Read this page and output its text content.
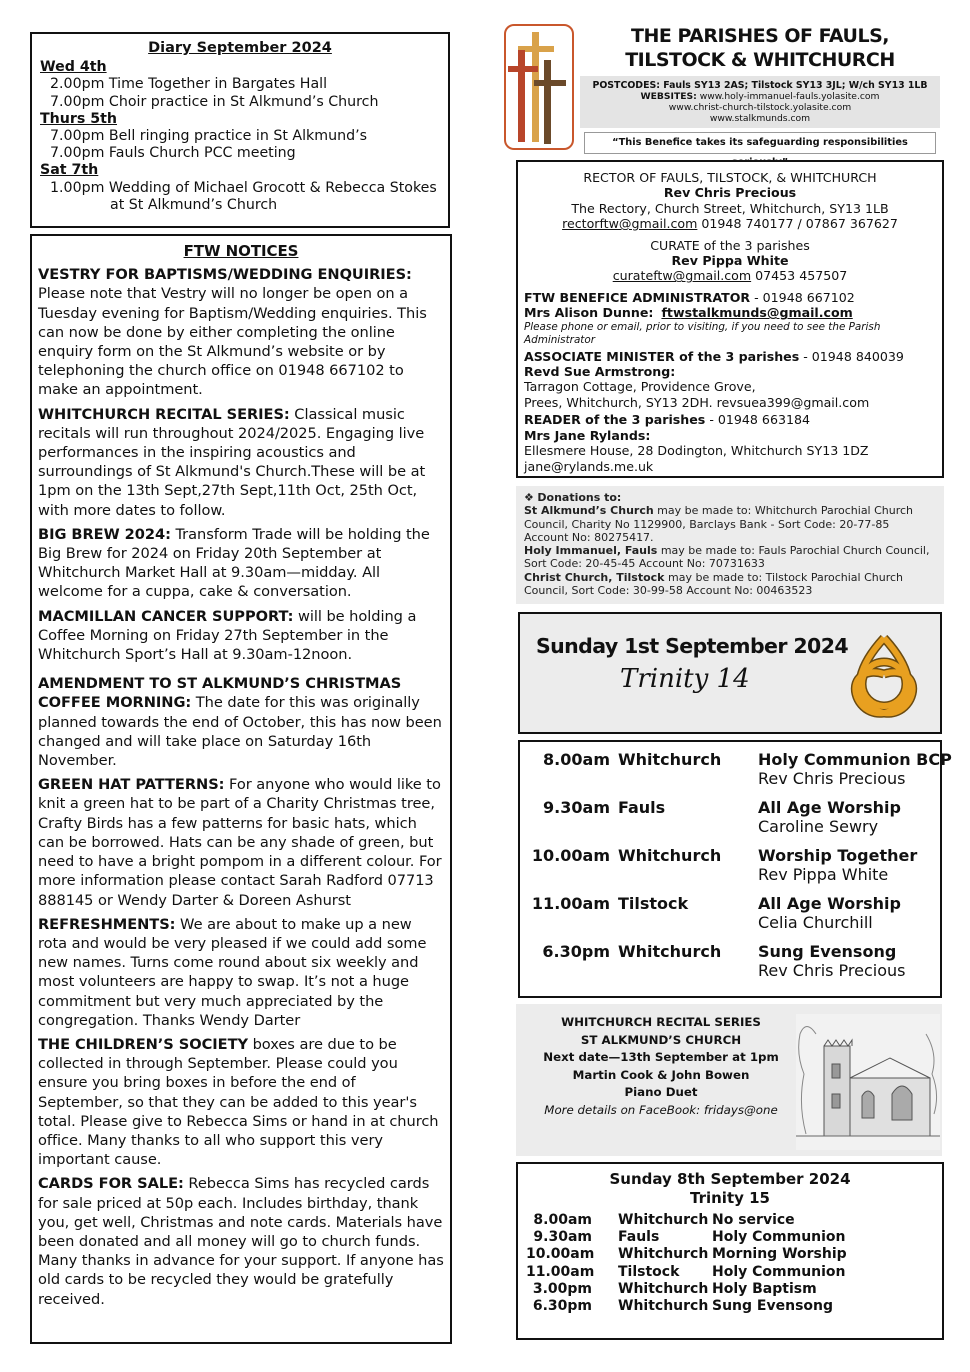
Diary September 2024
Wed 4th
2.00pm Time Together in Bargates Hall
7.00pm Choir practice in St Alkmund’s Church
Thurs 5th
7.00pm Bell ringing practice in St Alkmund’s
7.00pm Fauls Church PCC meeting
Sat 7th
1.00pm Wedding of Michael Grocott & Rebecca Stokes
at St Alkmund’s Church
FTW NOTICES

VESTRY FOR BAPTISMS/WEDDING ENQUIRIES: Please note that Vestry will no longer be open on a Tuesday evening for Baptism/Wedding enquiries. This can now be done by either completing the online enquiry form on the St Alkmund’s website or by telephoning the church office on 01948 667102 to make an appointment.

WHITCHURCH RECITAL SERIES: Classical music recitals will run throughout 2024/2025. Engaging live performances in the inspiring acoustics and surroundings of St Alkmund's Church.These will be at 1pm on the 13th Sept,27th Sept,11th Oct, 25th Oct, with more dates to follow.

BIG BREW 2024: Transform Trade will be holding the Big Brew for 2024 on Friday 20th September at Whitchurch Market Hall at 9.30am—midday. All welcome for a cuppa, cake & conversation.

MACMILLAN CANCER SUPPORT: will be holding a Coffee Morning on Friday 27th September in the Whitchurch Sport’s Hall at 9.30am-12noon.

AMENDMENT TO ST ALKMUND’S CHRISTMAS COFFEE MORNING: The date for this was originally planned towards the end of October, this has now been changed and will take place on Saturday 16th November.

GREEN HAT PATTERNS: For anyone who would like to knit a green hat to be part of a Charity Christmas tree, Crafty Birds has a few patterns for basic hats, which can be borrowed. Hats can be any shade of green, but need to have a bright pompom in a different colour. For more information please contact Sarah Radford 07713 888145 or Wendy Darter & Doreen Ashurst

REFRESHMENTS: We are about to make up a new rota and would be very pleased if we could add some new names. Turns come round about six weekly and most volunteers are happy to swap. It’s not a huge commitment but very much appreciated by the congregation. Thanks Wendy Darter

THE CHILDREN’S SOCIETY boxes are due to be collected in through September. Please could you ensure you bring boxes in before the end of September, so that they can be added to this year's total. Please give to Rebecca Sims or hand in at church office. Many thanks to all who support this very important cause.

CARDS FOR SALE: Rebecca Sims has recycled cards for sale priced at 50p each. Includes birthday, thank you, get well, Christmas and note cards. Materials have been donated and all money will go to church funds. Many thanks in advance for your support. If anyone has old cards to be recycled they would be gratefully received.

THE PARISHES OF FAULS,
TILSTOCK & WHITCHURCH
POSTCODES: Fauls SY13 2AS; Tilstock SY13 3JL; W/ch SY13 1LB
WEBSITES: www.holy-immanuel-fauls.yolasite.com
www.christ-church-tilstock.yolasite.com
www.stalkmunds.com
“This Benefice takes its safeguarding responsibilities
RECTOR OF FAULS, TILSTOCK, & WHITCHURCH
Rev Chris Precious
The Rectory, Church Street, Whitchurch, SY13 1LB
rectorftw@gmail.com 01948 740177 / 07867 367627
CURATE of the 3 parishes
Rev Pippa White
curateftw@gmail.com 07453 457507
FTW BENEFICE ADMINISTRATOR - 01948 667102
Mrs Alison Dunne: ftwstalkmunds@gmail.com
Please phone or email, prior to visiting, if you need to see the Parish Administrator
ASSOCIATE MINISTER of the 3 parishes - 01948 840039
Revd Sue Armstrong:
Tarragon Cottage, Providence Grove,
Prees, Whitchurch, SY13 2DH. revsuea399@gmail.com
READER of the 3 parishes - 01948 663184
Mrs Jane Rylands:
Ellesmere House, 28 Dodington, Whitchurch SY13 1DZ
jane@rylands.me.uk
❖ Donations to:
St Alkmund’s Church may be made to: Whitchurch Parochial Church Council, Charity No 1129900, Barclays Bank - Sort Code: 20-77-85 Account No: 80275417.
Holy Immanuel, Fauls may be made to: Fauls Parochial Church Council, Sort Code: 20-45-45 Account No: 70731633
Christ Church, Tilstock may be made to: Tilstock Parochial Church Council, Sort Code: 30-99-58 Account No: 00463523
Sunday 1st September 2024
Trinity 14
8.00am Whitchurch Holy Communion BCP
Rev Chris Precious
9.30am Fauls	All Age Worship
Caroline Sewry
10.00am Whitchurch Worship Together
Rev Pippa White
11.00am Tilstock	All Age Worship
Celia Churchill
6.30pm Whitchurch Sung Evensong
Rev Chris Precious
WHITCHURCH RECITAL SERIES
ST ALKMUND’S CHURCH
Next date—13th September at 1pm
Martin Cook & John Bowen
Piano Duet
More details on FaceBook: fridays@one
Sunday 8th September 2024
Trinity 15
8.00am Whitchurch No service
9.30am Fauls	Holy Communion
10.00am Whitchurch Morning Worship
11.00am Tilstock Holy Communion
3.00pm Whitchurch Holy Baptism
6.30pm Whitchurch Sung Evensong
